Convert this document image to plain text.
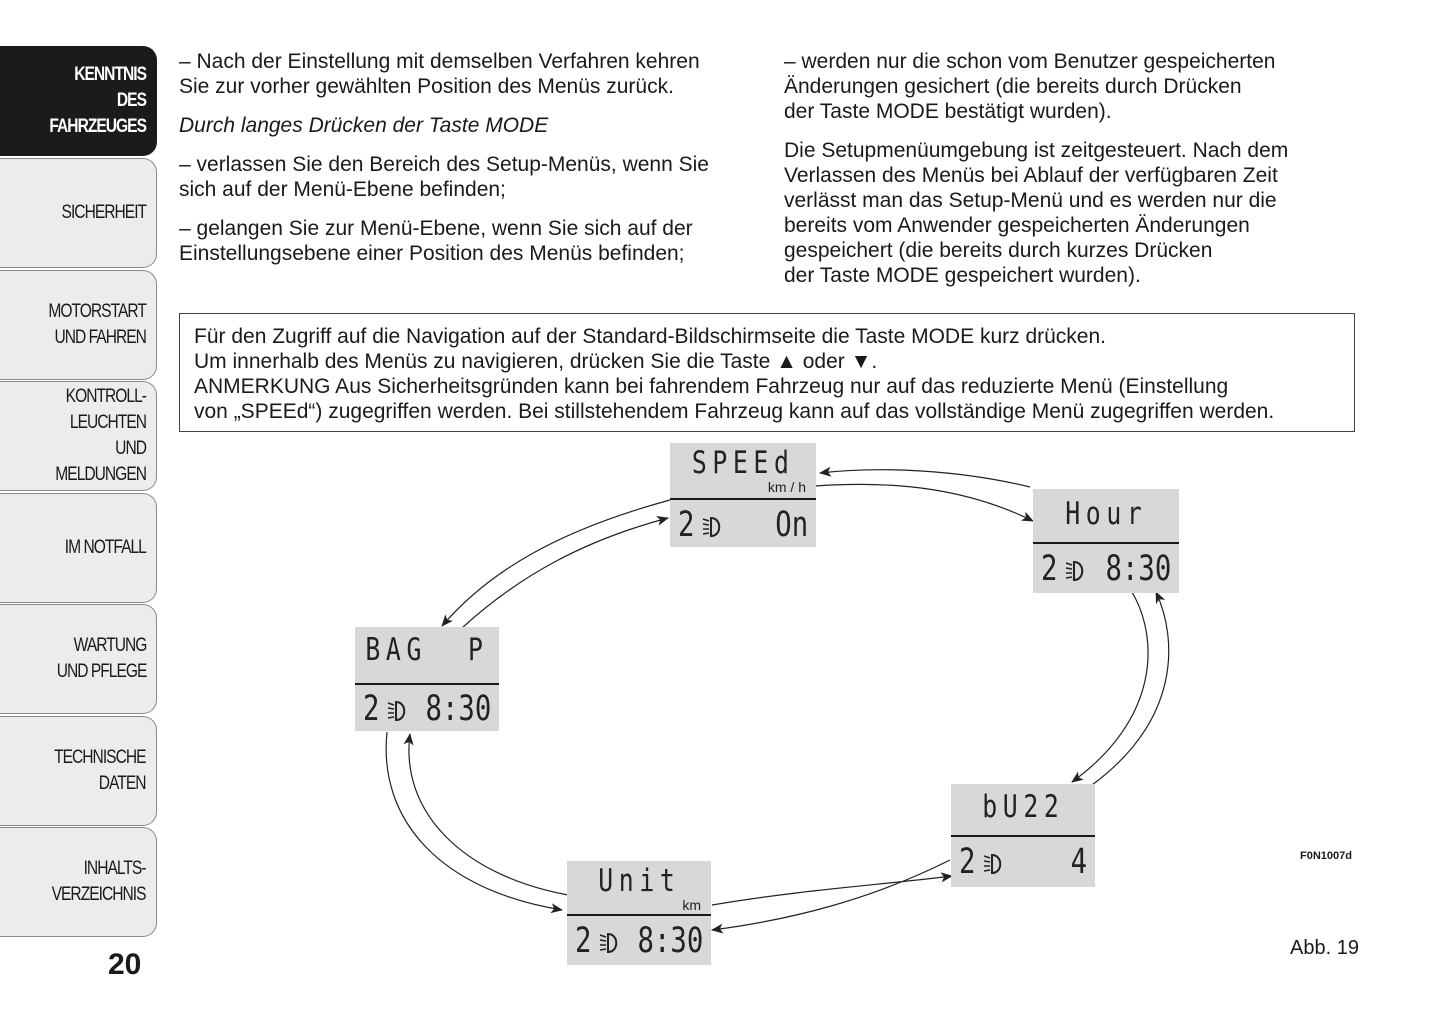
KENNTNIS
DES FAHRZEUGES
SICHERHEIT
MOTORSTART
UND FAHREN
KONTROLL-
LEUCHTEN
UND MELDUNGEN
IM NOTFALL
WARTUNG
UND PFLEGE
TECHNISCHE
DATEN
INHALTS-
VERZEICHNIS
20

– Nach der Einstellung mit demselben Verfahren kehren
Sie zur vorher gewählten Position des Menüs zurück.

Durch langes Drücken der Taste MODE

– verlassen Sie den Bereich des Setup-Menüs, wenn Sie
sich auf der Menü-Ebene befinden;

– gelangen Sie zur Menü-Ebene, wenn Sie sich auf der
Einstellungsebene einer Position des Menüs befinden;

– werden nur die schon vom Benutzer gespeicherten
Änderungen gesichert (die bereits durch Drücken
der Taste MODE bestätigt wurden).

Die Setupmenüumgebung ist zeitgesteuert. Nach dem
Verlassen des Menüs bei Ablauf der verfügbaren Zeit
verlässt man das Setup-Menü und es werden nur die
bereits vom Anwender gespeicherten Änderungen
gespeichert (die bereits durch kurzes Drücken
der Taste MODE gespeichert wurden).

Für den Zugriff auf die Navigation auf der Standard-Bildschirmseite die Taste MODE kurz drücken.
Um innerhalb des Menüs zu navigieren, drücken Sie die Taste ▲ oder ▼.
ANMERKUNG Aus Sicherheitsgründen kann bei fahrendem Fahrzeug nur auf das reduzierte Menü (Einstellung
von „SPEEd“) zugegriffen werden. Bei stillstehendem Fahrzeug kann auf das vollständige Menü zugegriffen werden.
SPEEd
km / h
2 On	Hour
2 8:30
BAG  P
2 8:30
bU22
2	4
Unit
km
2 8:30
F0N1007d
Abb. 19
